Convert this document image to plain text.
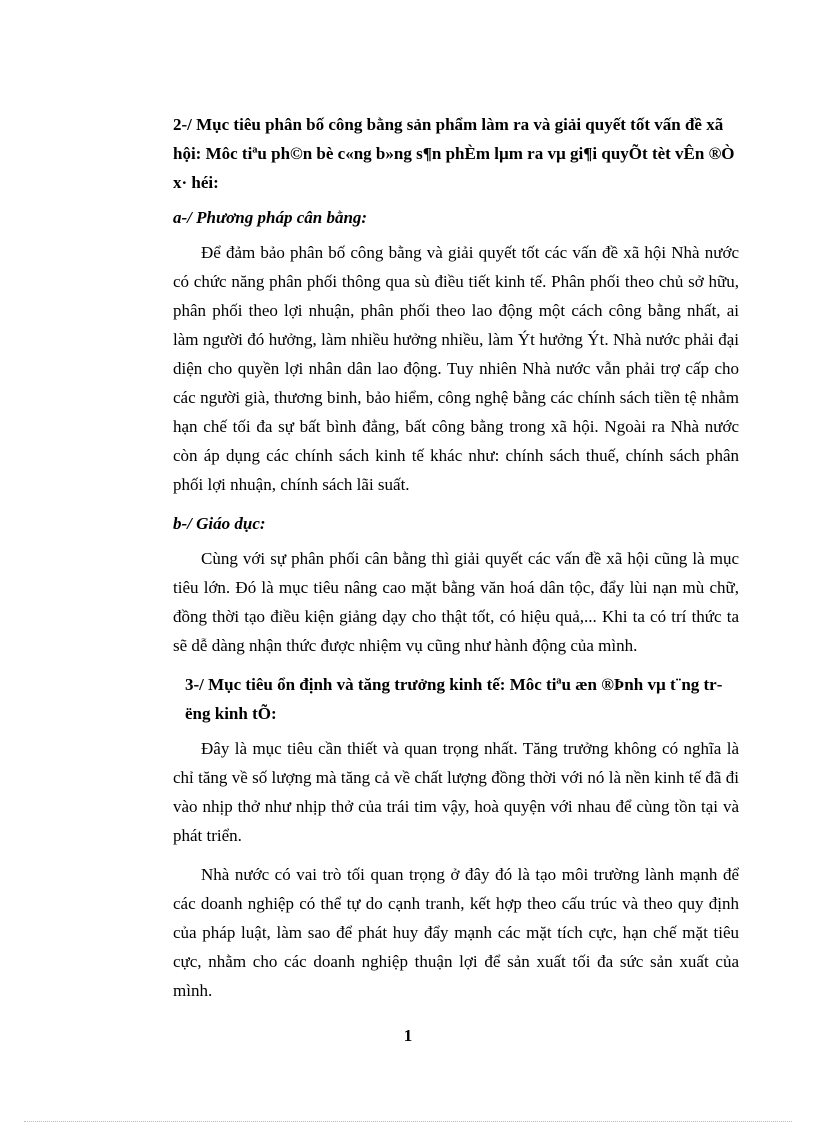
2-/ Mục tiêu phân bố công bằng sản phẩm làm ra và giải quyết tốt vấn đề xã hội: Môc tiªu ph©n bè c«ng b»ng s¶n phÈm lµm ra vµ gi¶i quyÕt tèt vÊn ®Ò x· héi:

a-/ Phương pháp cân bằng:

Để đảm bảo phân bố công bằng và giải quyết tốt các vấn đề xã hội Nhà nước có chức năng phân phối thông qua sù điều tiết kinh tế. Phân phối theo chủ sở hữu, phân phối theo lợi nhuận, phân phối theo lao động một cách công bằng nhất, ai làm người đó hưởng, làm nhiều hưởng nhiều, làm Ýt hưởng Ýt. Nhà nước phải đại diện cho quyền lợi nhân dân lao động. Tuy nhiên Nhà nước vẫn phải trợ cấp cho các người già, thương binh, bảo hiểm, công nghệ bằng các chính sách tiền tệ nhằm hạn chế tối đa sự bất bình đẳng, bất công bằng trong xã hội. Ngoài ra Nhà nước còn áp dụng các chính sách kinh tế khác như: chính sách thuế, chính sách phân phối lợi nhuận, chính sách lãi suất.

b-/ Giáo dục:

Cùng với sự phân phối cân bằng thì giải quyết các vấn đề xã hội cũng là mục tiêu lớn. Đó là mục tiêu nâng cao mặt bằng văn hoá dân tộc, đẩy lùi nạn mù chữ, đồng thời tạo điều kiện giảng dạy cho thật tốt, có hiệu quả,... Khi ta có trí thức ta sẽ dễ dàng nhận thức được nhiệm vụ cũng như hành động của mình.

3-/ Mục tiêu ổn định và tăng trưởng kinh tế: Môc tiªu æn ®Þnh vµ t¨ng trëng kinh tÕ:

Đây là mục tiêu cần thiết và quan trọng nhất. Tăng trưởng không có nghĩa là chỉ tăng về số lượng mà tăng cả về chất lượng đồng thời với nó là nền kinh tế đã đi vào nhịp thở như nhịp thở của trái tim vậy, hoà quyện với nhau để cùng tồn tại và phát triển.

Nhà nước có vai trò tối quan trọng ở đây đó là tạo môi trường lành mạnh để các doanh nghiệp có thể tự do cạnh tranh, kết hợp theo cấu trúc và theo quy định của pháp luật, làm sao để phát huy đẩy mạnh các mặt tích cực, hạn chế mặt tiêu cực, nhằm cho các doanh nghiệp thuận lợi để sản xuất tối đa sức sản xuất của mình.

1
